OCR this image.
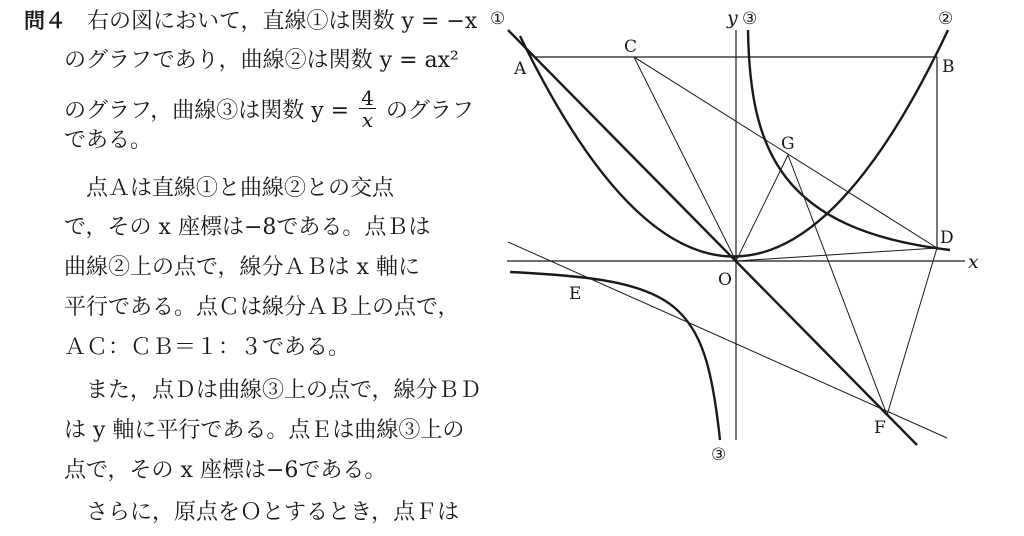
問４ 右の図において，直線①は関数 y = −x
のグラフであり，曲線②は関数 y = ax²
のグラフ，曲線③は関数 $y = \frac{4}{x}$ のグラフ
である。
点Ａは直線①と曲線②との交点
で，その x 座標は−8である。点Ｂは
曲線②上の点で，線分ＡＢは x 軸に
平行である。点Ｃは線分ＡＢ上の点で，
ＡＣ：ＣＢ＝１：３である。
また，点Ｄは曲線③上の点で，線分ＢＤ
は y 軸に平行である。点Ｅは曲線③上の
点で，その x 座標は−6である。
さらに，原点をＯとするとき，点Ｆは
①	②
y ③
③
x
A	B
C
D
E
F
G
O
